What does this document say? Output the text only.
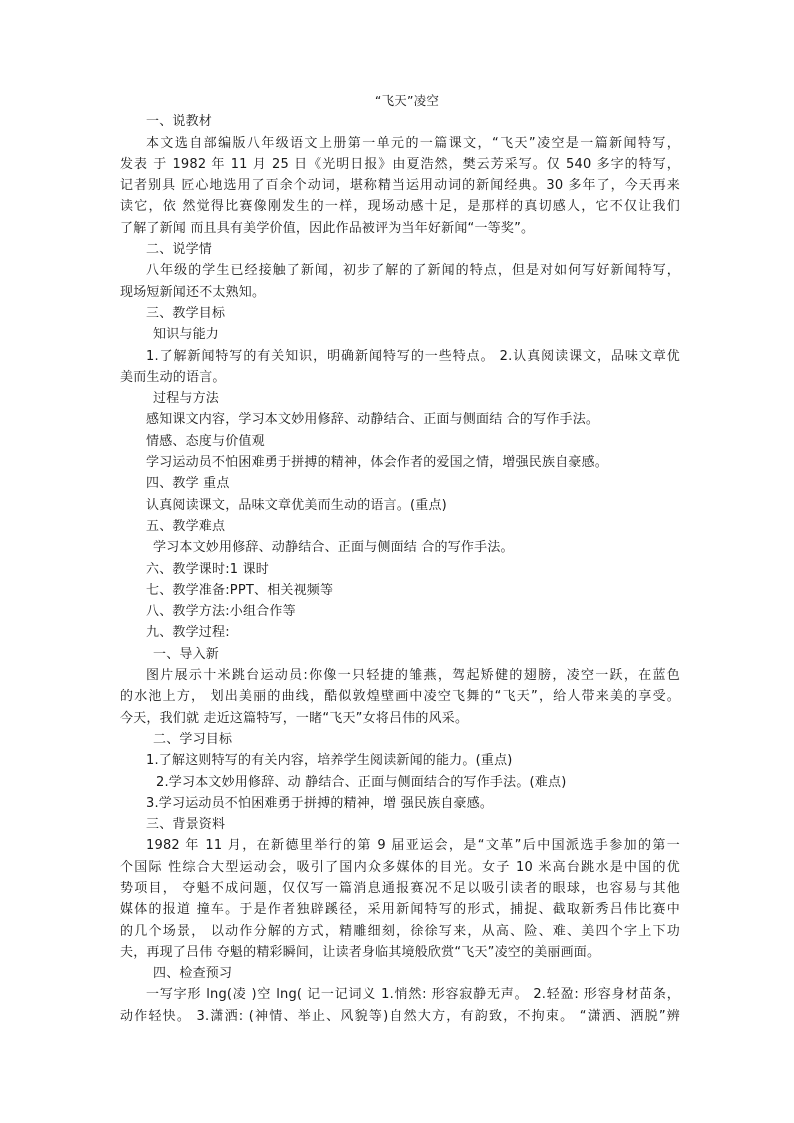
“飞天”凌空
一、说教材
本文选自部编版八年级语文上册第一单元的一篇课文，“飞天”凌空是一篇新闻特写，
发表 于 1982 年 11 月 25 日《光明日报》由夏浩然，樊云芳采写。仅 540 多字的特写，
记者别具 匠心地选用了百余个动词，堪称精当运用动词的新闻经典。30 多年了，今天再来
读它，依 然觉得比赛像刚发生的一样，现场动感十足，是那样的真切感人，它不仅让我们
了解了新闻 而且具有美学价值，因此作品被评为当年好新闻“一等奖”。
二、说学情
八年级的学生已经接触了新闻，初步了解的了新闻的特点，但是对如何写好新闻特写，
现场短新闻还不太熟知。
三、教学目标
知识与能力
1.了解新闻特写的有关知识，明确新闻特写的一些特点。 2.认真阅读课文，品味文章优
美而生动的语言。
过程与方法
感知课文内容，学习本文妙用修辞、动静结合、正面与侧面结 合的写作手法。
情感、态度与价值观
学习运动员不怕困难勇于拼搏的精神，体会作者的爱国之情，增强民族自豪感。
四、教学 重点
认真阅读课文，品味文章优美而生动的语言。(重点)
五、教学难点
学习本文妙用修辞、动静结合、正面与侧面结 合的写作手法。
六、教学课时:1 课时
七、教学准备:PPT、相关视频等
八、教学方法:小组合作等
九、教学过程:
一、导入新
图片展示十米跳台运动员:你像一只轻捷的雏燕，驾起矫健的翅膀，凌空一跃，在蓝色
的水池上方， 划出美丽的曲线，酷似敦煌壁画中凌空飞舞的“飞天”，给人带来美的享受。
今天，我们就 走近这篇特写，一睹“飞天”女将吕伟的风采。
二、学习目标
1.了解这则特写的有关内容，培养学生阅读新闻的能力。(重点)
2.学习本文妙用修辞、动 静结合、正面与侧面结合的写作手法。(难点)
3.学习运动员不怕困难勇于拼搏的精神，增 强民族自豪感。
三、背景资料
1982 年 11 月，在新德里举行的第 9 届亚运会，是“文革”后中国派选手参加的第一
个国际 性综合大型运动会，吸引了国内众多媒体的目光。女子 10 米高台跳水是中国的优
势项目， 夺魁不成问题，仅仅写一篇消息通报赛况不足以吸引读者的眼球，也容易与其他
媒体的报道 撞车。于是作者独辟蹊径，采用新闻特写的形式，捕捉、截取新秀吕伟比赛中
的几个场景， 以动作分解的方式，精雕细刻，徐徐写来，从高、险、难、美四个字上下功
夫，再现了吕伟 夺魁的精彩瞬间，让读者身临其境般欣赏“飞天”凌空的美丽画面。
四、检查预习
一写字形 lng(凌 )空 lng( 记一记词义 1.悄然: 形容寂静无声。 2.轻盈: 形容身材苗条，
动作轻快。 3.潇洒: (神情、举止、风貌等)自然大方，有韵致，不拘束。 “潇洒、洒脱”辨
